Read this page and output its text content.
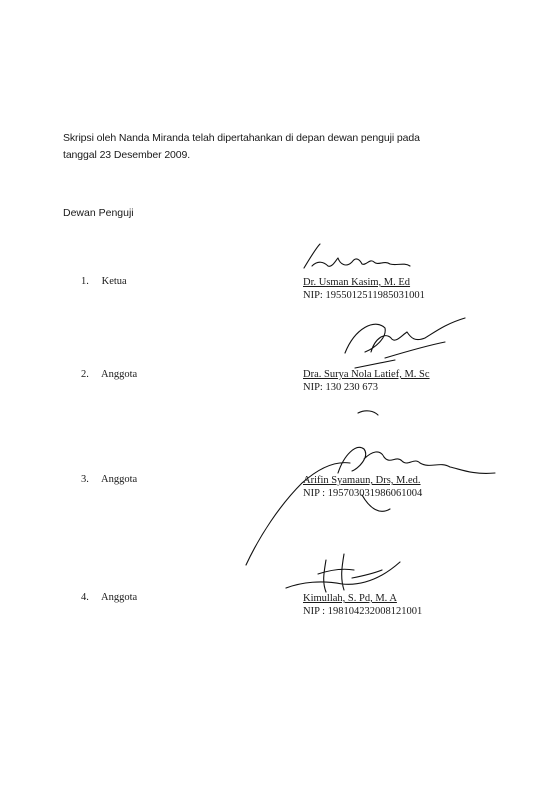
Skripsi oleh Nanda Miranda telah dipertahankan di depan dewan penguji pada
tanggal 23 Desember 2009.
Dewan Penguji
1. Ketua	Dr. Usman Kasim, M. Ed
NIP: 1955012511985031001
2. Anggota	Dra. Surya Nola Latief, M. Sc
NIP: 130 230 673
3. Anggota	Arifin Syamaun, Drs, M.ed.
NIP : 195703031986061004
4. Anggota	Kimullah, S. Pd, M. A
NIP : 198104232008121001
